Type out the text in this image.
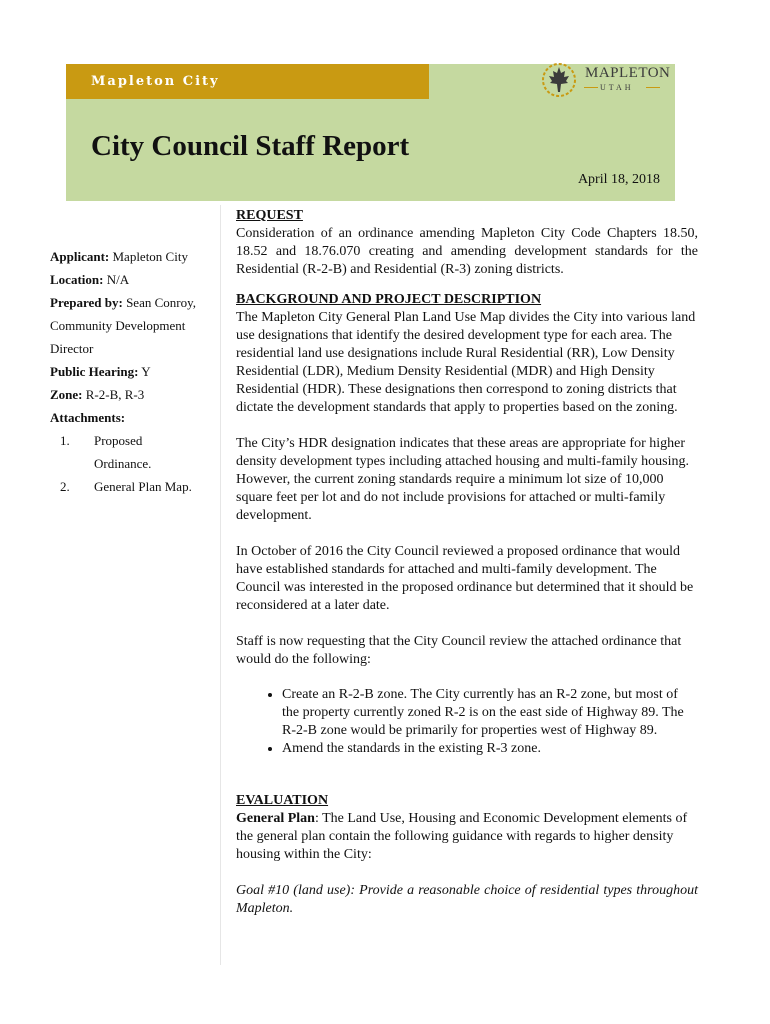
Mapleton City
MAPLETON
UTAH
City Council Staff Report
April 18, 2018
Applicant: Mapleton City
Location: N/A
Prepared by: Sean Conroy,
Community Development
Director
Public Hearing: Y
Zone: R-2-B, R-3
Attachments:
1. Proposed
Ordinance.
2. General Plan Map.
REQUEST

Consideration of an ordinance amending Mapleton City Code Chapters 18.50, 18.52 and 18.76.070 creating and amending development standards for the Residential (R-2-B) and Residential (R-3) zoning districts.

BACKGROUND AND PROJECT DESCRIPTION

The Mapleton City General Plan Land Use Map divides the City into various land use designations that identify the desired development type for each area. The residential land use designations include Rural Residential (RR), Low Density Residential (LDR), Medium Density Residential (MDR) and High Density Residential (HDR). These designations then correspond to zoning districts that dictate the development standards that apply to properties based on the zoning.

The City’s HDR designation indicates that these areas are appropriate for higher density development types including attached housing and multi-family housing. However, the current zoning standards require a minimum lot size of 10,000 square feet per lot and do not include provisions for attached or multi-family development.

In October of 2016 the City Council reviewed a proposed ordinance that would have established standards for attached and multi-family development. The Council was interested in the proposed ordinance but determined that it should be reconsidered at a later date.

Staff is now requesting that the City Council review the attached ordinance that would do the following:

• Create an R-2-B zone. The City currently has an R-2 zone, but most of the property currently zoned R-2 is on the east side of Highway 89. The R-2-B zone would be primarily for properties west of Highway 89.
• Amend the standards in the existing R-3 zone.
EVALUATION

General Plan: The Land Use, Housing and Economic Development elements of the general plan contain the following guidance with regards to higher density housing within the City:

Goal #10 (land use): Provide a reasonable choice of residential types throughout Mapleton.
